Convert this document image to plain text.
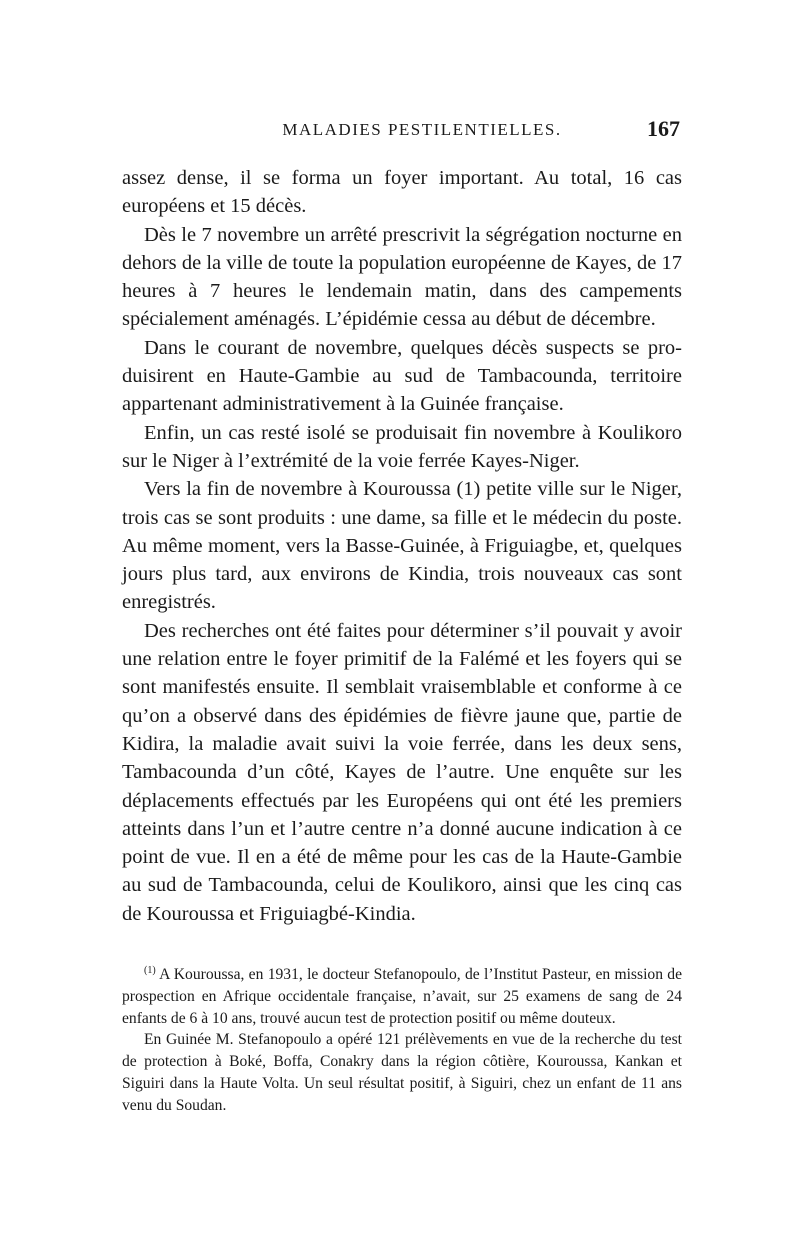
MALADIES PESTILENTIELLES.	167

assez dense, il se forma un foyer important. Au total, 16 cas européens et 15 décès.

Dès le 7 novembre un arrêté prescrivit la ségrégation nocturne en dehors de la ville de toute la population européenne de Kayes, de 17 heures à 7 heures le lendemain matin, dans des campements spécialement aménagés. L’épidémie cessa au début de décembre.

Dans le courant de novembre, quelques décès suspects se produisirent en Haute-Gambie au sud de Tambacounda, territoire appartenant administrativement à la Guinée française.

Enfin, un cas resté isolé se produisait fin novembre à Koulikoro sur le Niger à l’extrémité de la voie ferrée Kayes-Niger.

Vers la fin de novembre à Kouroussa (1) petite ville sur le Niger, trois cas se sont produits : une dame, sa fille et le médecin du poste. Au même moment, vers la Basse-Guinée, à Friguiagbe, et, quelques jours plus tard, aux environs de Kindia, trois nouveaux cas sont enregistrés.

Des recherches ont été faites pour déterminer s’il pouvait y avoir une relation entre le foyer primitif de la Falémé et les foyers qui se sont manifestés ensuite. Il semblait vraisemblable et conforme à ce qu’on a observé dans des épidémies de fièvre jaune que, partie de Kidira, la maladie avait suivi la voie ferrée, dans les deux sens, Tambacounda d’un côté, Kayes de l’autre. Une enquête sur les déplacements effectués par les Européens qui ont été les premiers atteints dans l’un et l’autre centre n’a donné aucune indication à ce point de vue. Il en a été de même pour les cas de la Haute-Gambie au sud de Tambacounda, celui de Koulikoro, ainsi que les cinq cas de Kouroussa et Friguiagbé-Kindia.

$^{(1)}$ A Kouroussa, en 1931, le docteur Stefanopoulo, de l’Institut Pasteur, en mission de prospection en Afrique occidentale française, n’avait, sur 25 examens de sang de 24 enfants de 6 à 10 ans, trouvé aucun test de protection positif ou même douteux.

En Guinée M. Stefanopoulo a opéré 121 prélèvements en vue de la recherche du test de protection à Boké, Boffa, Conakry dans la région côtière, Kouroussa, Kankan et Siguiri dans la Haute Volta. Un seul résultat positif, à Siguiri, chez un enfant de 11 ans venu du Soudan.
